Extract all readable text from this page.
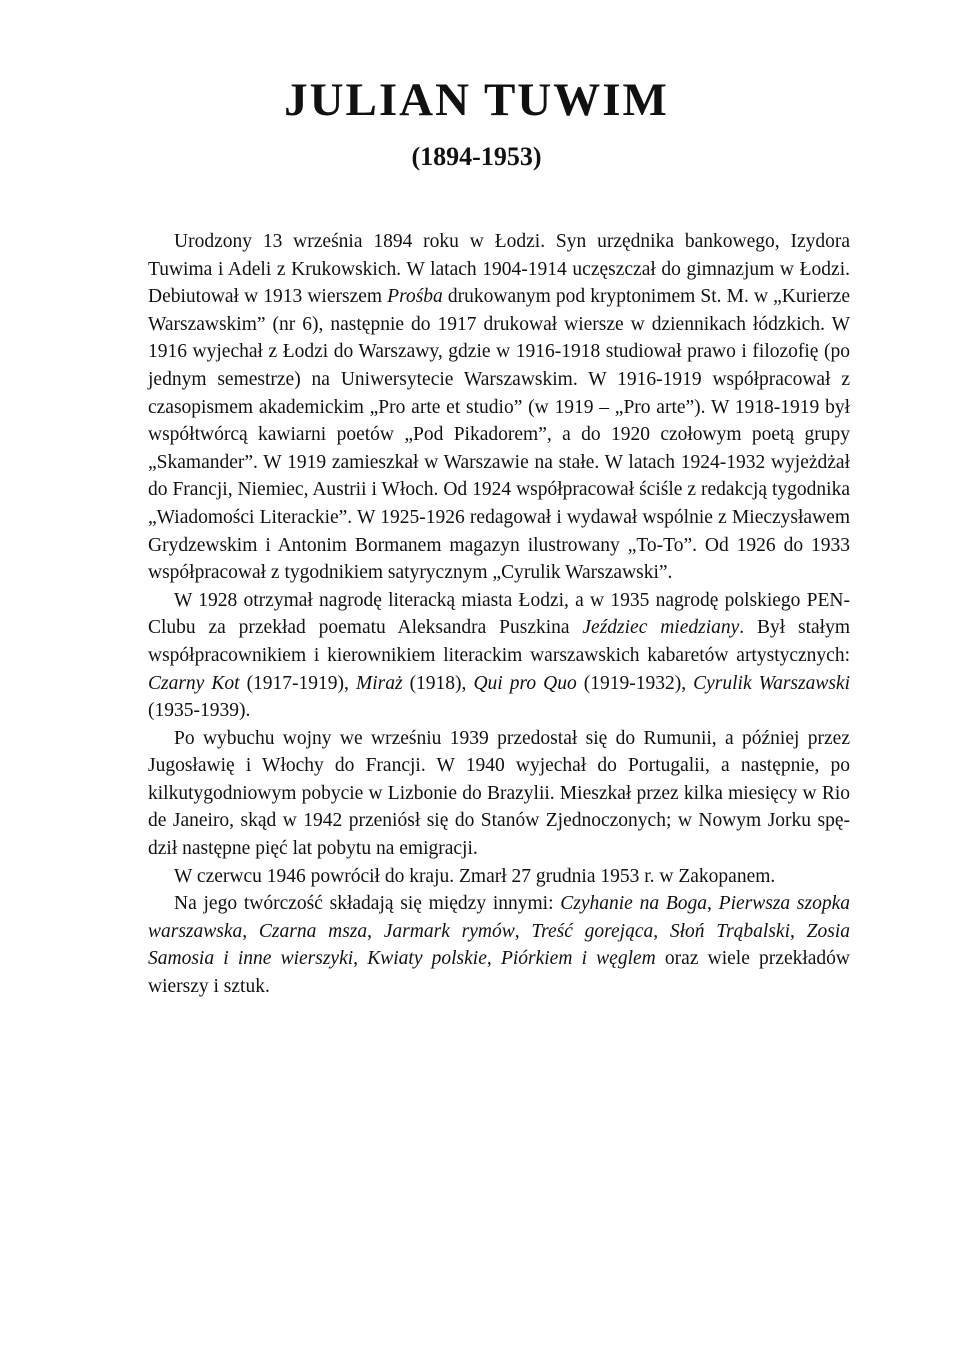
JULIAN TUWIM
(1894-1953)

Urodzony 13 września 1894 roku w Łodzi. Syn urzędnika bankowego, Izydora Tuwima i Adeli z Krukowskich. W latach 1904-1914 uczęszczał do gimnazjum w Łodzi. Debiutował w 1913 wierszem Prośba drukowanym pod kryptonimem St. M. w „Kurierze Warszawskim” (nr 6), następnie do 1917 drukował wiersze w dziennikach łódzkich. W 1916 wyjechał z Łodzi do Warszawy, gdzie w 1916-1918 studiował prawo i filozofię (po jednym semestrze) na Uniwersytecie Warszawskim. W 1916-1919 współpracował z czasopismem akademickim „Pro arte et studio” (w 1919 – „Pro arte”). W 1918-1919 był współtwórcą kawiarni poetów „Pod Pikadorem”, a do 1920 czołowym poetą grupy „Skamander”. W 1919 zamieszkał w Warszawie na stałe. W latach 1924-1932 wyjeżdżał do Francji, Niemiec, Austrii i Włoch. Od 1924 współpracował ściśle z redakcją tygodnika „Wiadomości Literackie”. W 1925-1926 redagował i wydawał wspólnie z Mieczysławem Grydzewskim i Antonim Bormanem magazyn ilustrowany „To-To”. Od 1926 do 1933 współpracował z tygodnikiem satyrycznym „Cyrulik Warszawski”.

W 1928 otrzymał nagrodę literacką miasta Łodzi, a w 1935 nagrodę polskiego PEN-Clubu za przekład poematu Aleksandra Puszkina Jeździec miedziany. Był stałym współpracownikiem i kierownikiem literackim warszawskich kabaretów artystycznych: Czarny Kot (1917-1919), Miraż (1918), Qui pro Quo (1919-1932), Cyrulik Warszawski (1935-1939).

Po wybuchu wojny we wrześniu 1939 przedostał się do Rumunii, a później przez Jugosławię i Włochy do Francji. W 1940 wyjechał do Portugalii, a następnie, po kilkutygodniowym pobycie w Lizbonie do Brazylii. Mieszkał przez kilka miesięcy w Rio de Janeiro, skąd w 1942 przeniósł się do Stanów Zjednoczonych; w Nowym Jorku spędził następne pięć lat pobytu na emigracji.

W czerwcu 1946 powrócił do kraju. Zmarł 27 grudnia 1953 r. w Zakopanem.

Na jego twórczość składają się między innymi: Czyhanie na Boga, Pierwsza szopka warszawska, Czarna msza, Jarmark rymów, Treść gorejąca, Słoń Trąbalski, Zosia Samosia i inne wierszyki, Kwiaty polskie, Piórkiem i węglem oraz wiele przekładów wierszy i sztuk.
